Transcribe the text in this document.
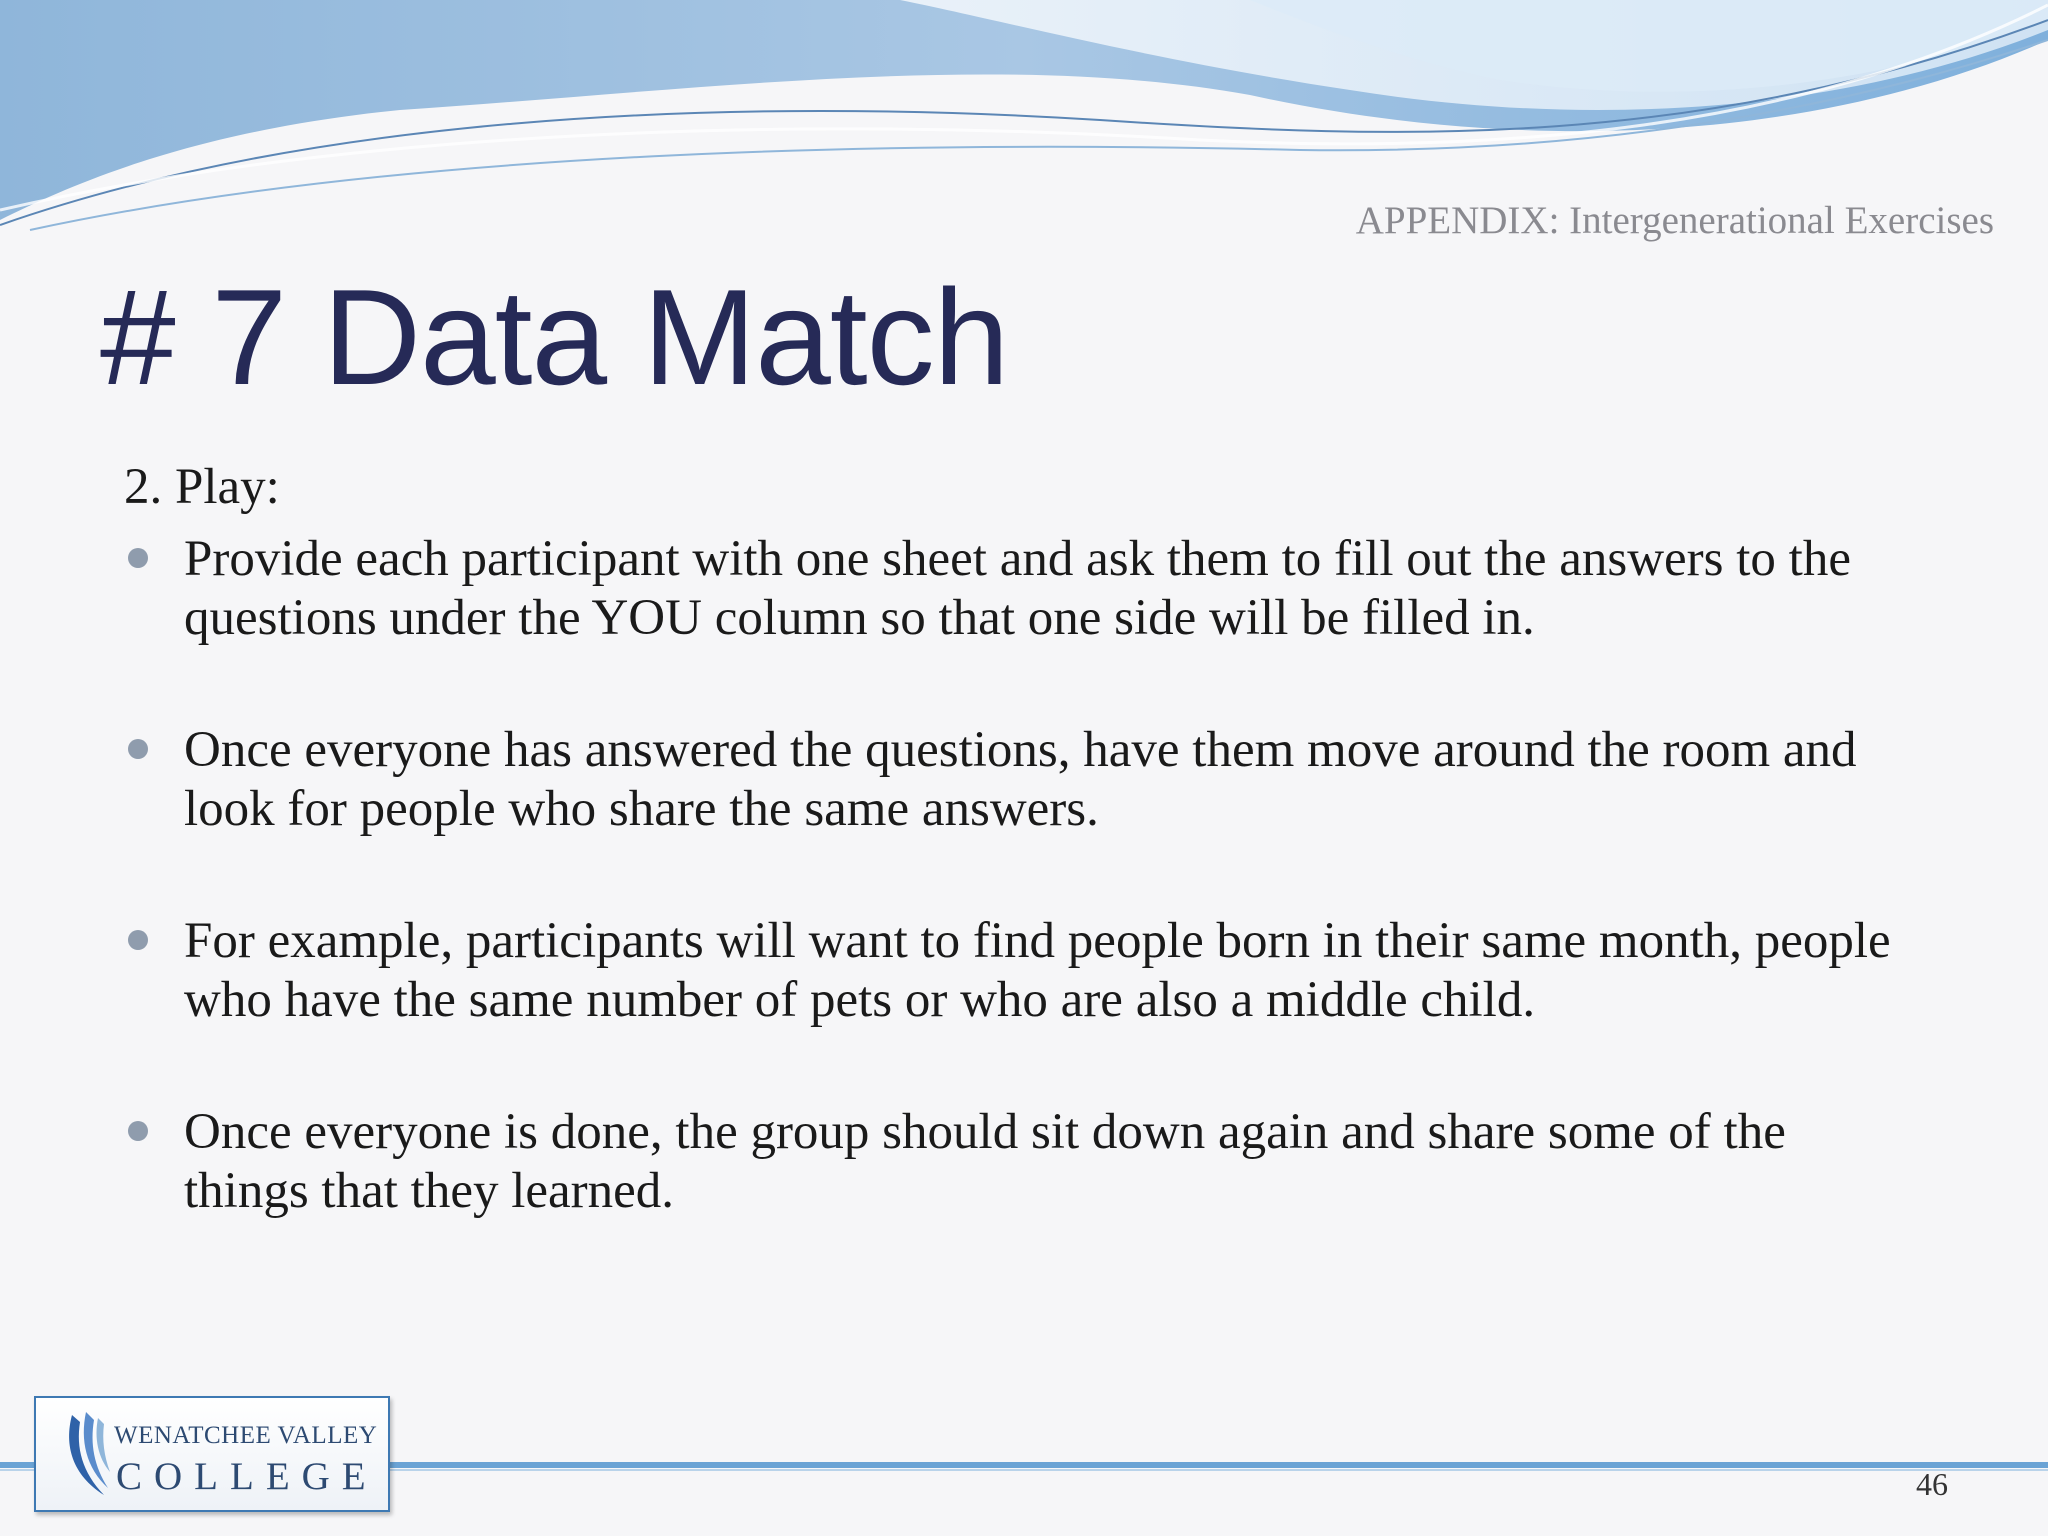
APPENDIX: Intergenerational Exercises
# 7 Data Match
2. Play:
Provide each participant with one sheet and ask them to fill out the answers to the questions under the YOU column so that one side will be filled in.
Once everyone has answered the questions, have them move around the room and look for people who share the same answers.
For example, participants will want to find people born in their same month, people who have the same number of pets or who are also a middle child.
Once everyone is done, the group should sit down again and share some of the things that they learned.
WENATCHEE VALLEY
COLLEGE	46
